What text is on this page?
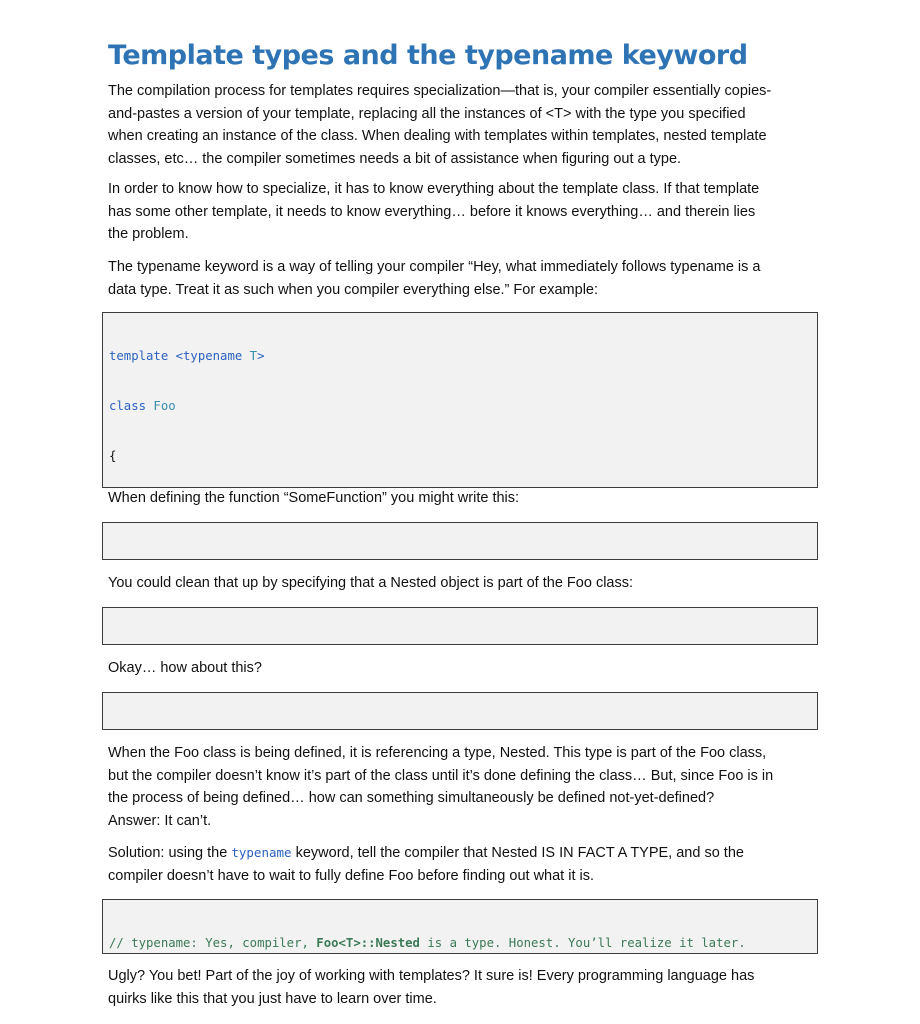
Template types and the typename keyword

The compilation process for templates requires specialization—that is, your compiler essentially copies-
and-pastes a version of your template, replacing all the instances of <T> with the type you specified
when creating an instance of the class. When dealing with templates within templates, nested template
classes, etc… the compiler sometimes needs a bit of assistance when figuring out a type.

In order to know how to specialize, it has to know everything about the template class. If that template
has some other template, it needs to know everything… before it knows everything… and therein lies
the problem.

The typename keyword is a way of telling your compiler “Hey, what immediately follows typename is a
data type. Treat it as such when you compiler everything else.” For example:

template <typename T>

class Foo

{

When defining the function “SomeFunction” you might write this:

You could clean that up by specifying that a Nested object is part of the Foo class:

Okay… how about this?

When the Foo class is being defined, it is referencing a type, Nested. This type is part of the Foo class,
but the compiler doesn’t know it’s part of the class until it’s done defining the class… But, since Foo is in
the process of being defined… how can something simultaneously be defined not-yet-defined?
Answer: It can’t.

Solution: using the typename keyword, tell the compiler that Nested IS IN FACT A TYPE, and so the
compiler doesn’t have to wait to fully define Foo before finding out what it is.

// typename: Yes, compiler, Foo<T>::Nested is a type. Honest. You’ll realize it later.

Ugly? You bet! Part of the joy of working with templates? It sure is! Every programming language has
quirks like this that you just have to learn over time.
